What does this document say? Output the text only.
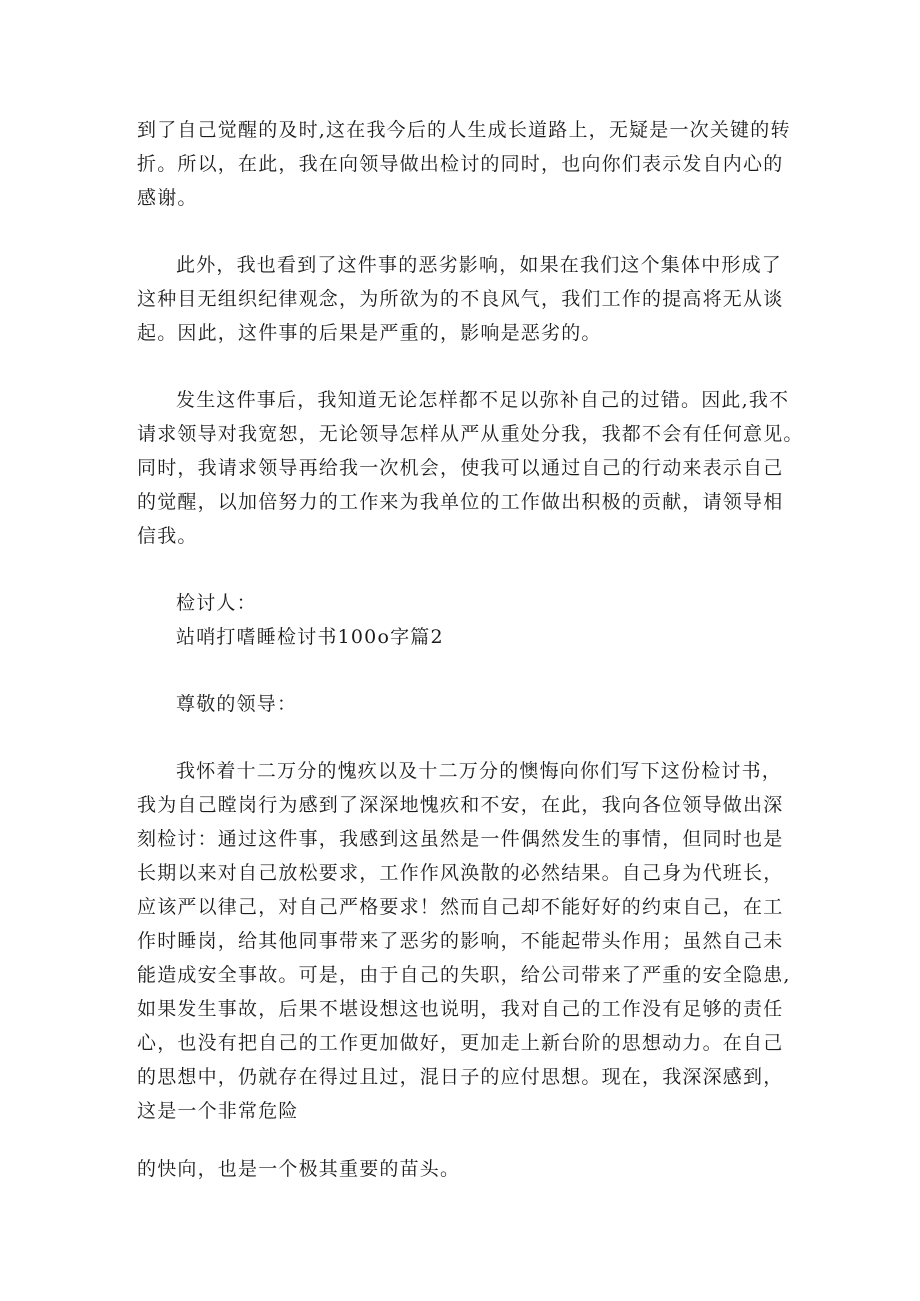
到了自己觉醒的及时,这在我今后的人生成长道路上，无疑是一次关键的转
折。所以，在此，我在向领导做出检讨的同时，也向你们表示发自内心的
感谢。
此外，我也看到了这件事的恶劣影响，如果在我们这个集体中形成了
这种目无组织纪律观念，为所欲为的不良风气，我们工作的提高将无从谈
起。因此，这件事的后果是严重的，影响是恶劣的。
发生这件事后，我知道无论怎样都不足以弥补自己的过错。因此,我不
请求领导对我宽恕，无论领导怎样从严从重处分我，我都不会有任何意见。
同时，我请求领导再给我一次机会，使我可以通过自己的行动来表示自己
的觉醒，以加倍努力的工作来为我单位的工作做出积极的贡献，请领导相
信我。
检讨人：
站哨打嗜睡检讨书100o字篇2
尊敬的领导：
我怀着十二万分的愧疚以及十二万分的懊悔向你们写下这份检讨书，
我为自己瞠岗行为感到了深深地愧疚和不安，在此，我向各位领导做出深
刻检讨：通过这件事，我感到这虽然是一件偶然发生的事情，但同时也是
长期以来对自己放松要求，工作作风涣散的必然结果。自己身为代班长，
应该严以律己，对自己严格要求！然而自己却不能好好的约束自己，在工
作时睡岗，给其他同事带来了恶劣的影响，不能起带头作用；虽然自己未
能造成安全事故。可是，由于自己的失职，给公司带来了严重的安全隐患,
如果发生事故，后果不堪设想这也说明，我对自己的工作没有足够的责任
心，也没有把自己的工作更加做好，更加走上新台阶的思想动力。在自己
的思想中，仍就存在得过且过，混日子的应付思想。现在，我深深感到，
这是一个非常危险
的快向，也是一个极其重要的苗头。
